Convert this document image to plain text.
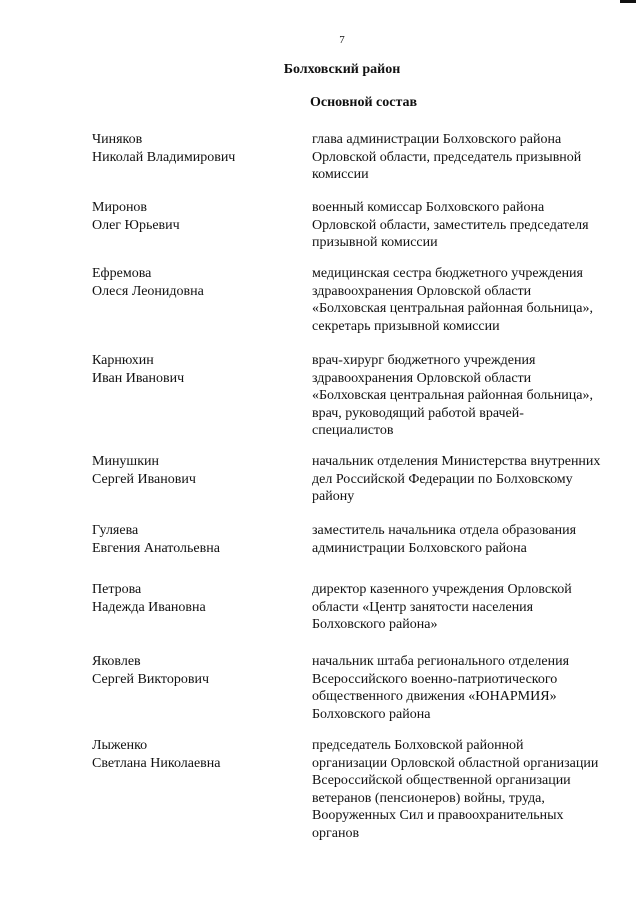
7
Болховский район
Основной состав
Чиняков
Николай Владимирович
глава администрации Болховского района Орловской области, председатель призывной комиссии
Миронов
Олег Юрьевич
военный комиссар Болховского района Орловской области, заместитель председателя призывной комиссии
Ефремова
Олеся Леонидовна
медицинская сестра бюджетного учреждения здравоохранения Орловской области «Болховская центральная районная больница», секретарь призывной комиссии
Карнюхин
Иван Иванович
врач-хирург бюджетного учреждения здравоохранения Орловской области «Болховская центральная районная больница», врач, руководящий работой врачей-специалистов
Минушкин
Сергей Иванович
начальник отделения Министерства внутренних дел Российской Федерации по Болховскому району
Гуляева
Евгения Анатольевна
заместитель начальника отдела образования администрации Болховского района
Петрова
Надежда Ивановна
директор казенного учреждения Орловской области «Центр занятости населения Болховского района»
Яковлев
Сергей Викторович
начальник штаба регионального отделения Всероссийского военно-патриотического общественного движения «ЮНАРМИЯ» Болховского района
Лыженко
Светлана Николаевна
председатель Болховской районной организации Орловской областной организации Всероссийской общественной организации ветеранов (пенсионеров) войны, труда, Вооруженных Сил и правоохранительных органов
